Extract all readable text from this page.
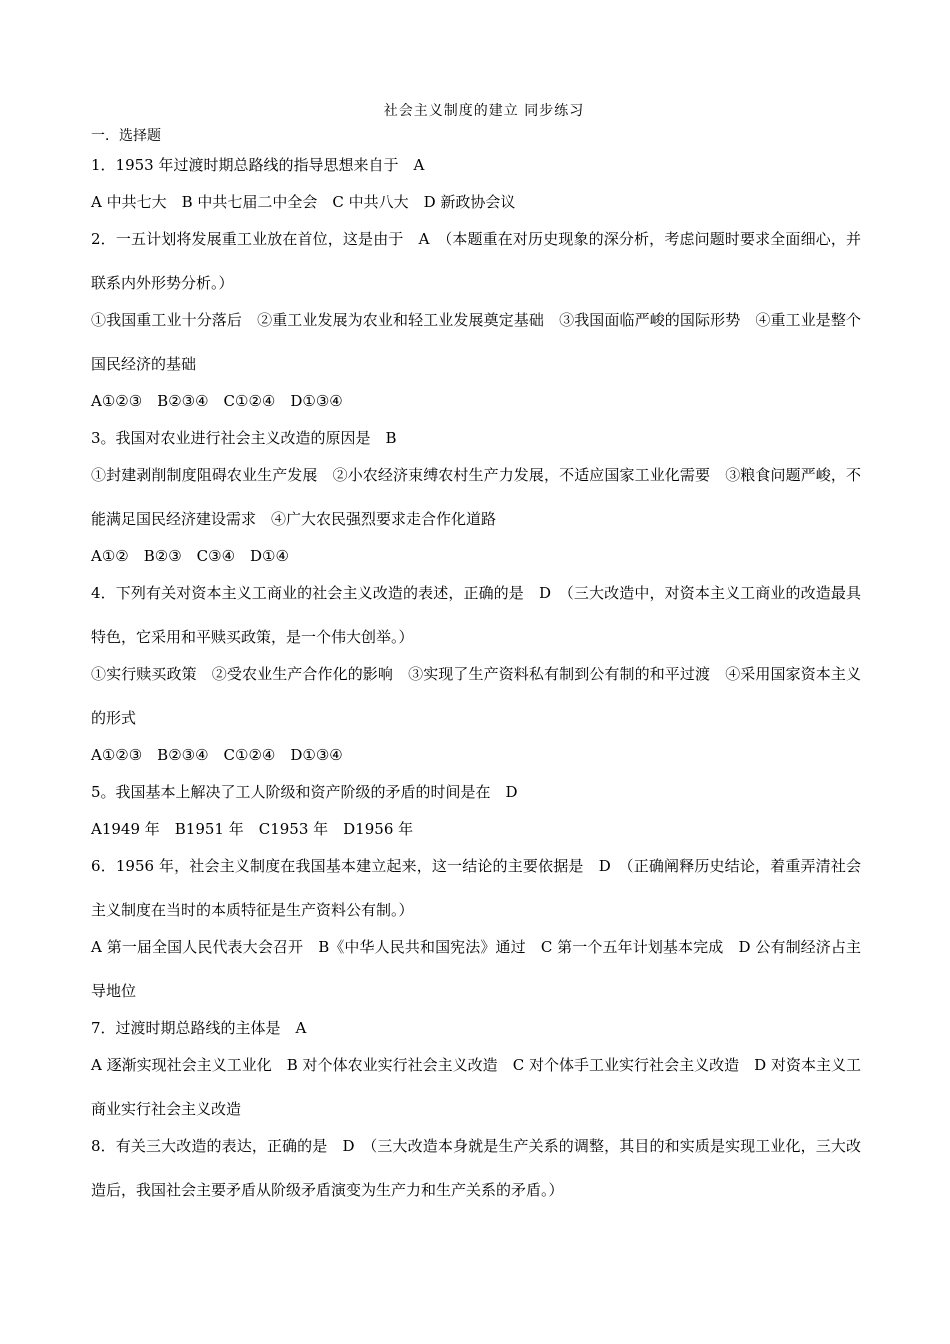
社会主义制度的建立 同步练习
一．选择题
1．1953 年过渡时期总路线的指导思想来自于　A
A 中共七大　B 中共七届二中全会　C 中共八大　D 新政协会议
2．一五计划将发展重工业放在首位，这是由于　A　（本题重在对历史现象的深分析，考虑问题时要求全面细心，并联系内外形势分析。）
①我国重工业十分落后　②重工业发展为农业和轻工业发展奠定基础　③我国面临严峻的国际形势　④重工业是整个国民经济的基础
A①②③　B②③④　C①②④　D①③④
3。我国对农业进行社会主义改造的原因是　B
①封建剥削制度阻碍农业生产发展　②小农经济束缚农村生产力发展，不适应国家工业化需要　③粮食问题严峻，不能满足国民经济建设需求　④广大农民强烈要求走合作化道路
A①②　B②③　C③④　D①④
4．下列有关对资本主义工商业的社会主义改造的表述，正确的是　D　（三大改造中，对资本主义工商业的改造最具特色，它采用和平赎买政策，是一个伟大创举。）
①实行赎买政策　②受农业生产合作化的影响　③实现了生产资料私有制到公有制的和平过渡　④采用国家资本主义的形式
A①②③　B②③④　C①②④　D①③④
5。我国基本上解决了工人阶级和资产阶级的矛盾的时间是在　D
A1949 年　B1951 年　C1953 年　D1956 年
6．1956 年，社会主义制度在我国基本建立起来，这一结论的主要依据是　D　（正确阐释历史结论，着重弄清社会主义制度在当时的本质特征是生产资料公有制。）
A 第一届全国人民代表大会召开　B《中华人民共和国宪法》通过　C 第一个五年计划基本完成　D 公有制经济占主导地位
7．过渡时期总路线的主体是　A
A 逐渐实现社会主义工业化　B 对个体农业实行社会主义改造　C 对个体手工业实行社会主义改造　D 对资本主义工商业实行社会主义改造
8．有关三大改造的表达，正确的是　D　（三大改造本身就是生产关系的调整，其目的和实质是实现工业化，三大改造后，我国社会主要矛盾从阶级矛盾演变为生产力和生产关系的矛盾。）
